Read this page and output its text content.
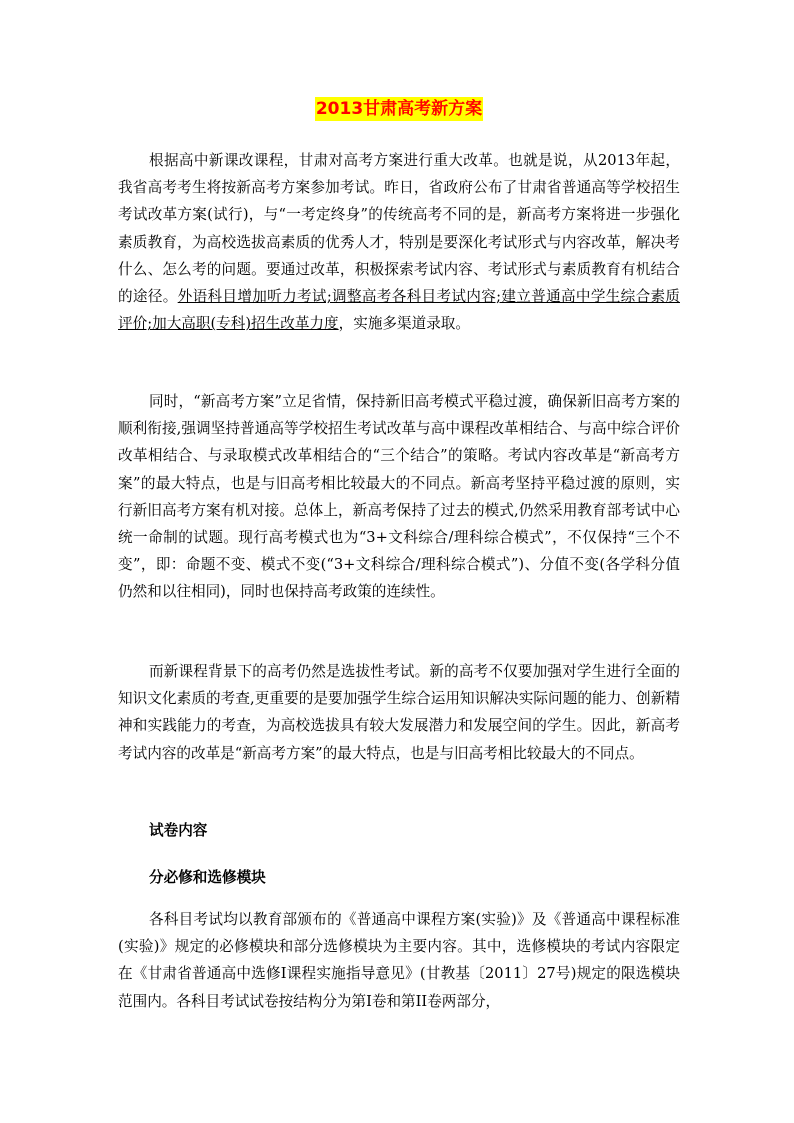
2013甘肃高考新方案

根据高中新课改课程，甘肃对高考方案进行重大改革。也就是说，从2013年起，我省高考考生将按新高考方案参加考试。昨日，省政府公布了甘肃省普通高等学校招生考试改革方案(试行)，与“一考定终身”的传统高考不同的是，新高考方案将进一步强化素质教育，为高校选拔高素质的优秀人才，特别是要深化考试形式与内容改革，解决考什么、怎么考的问题。要通过改革，积极探索考试内容、考试形式与素质教育有机结合的途径。外语科目增加听力考试;调整高考各科目考试内容;建立普通高中学生综合素质评价;加大高职(专科)招生改革力度，实施多渠道录取。

同时，“新高考方案”立足省情，保持新旧高考模式平稳过渡，确保新旧高考方案的顺利衔接,强调坚持普通高等学校招生考试改革与高中课程改革相结合、与高中综合评价改革相结合、与录取模式改革相结合的“三个结合”的策略。考试内容改革是“新高考方案”的最大特点，也是与旧高考相比较最大的不同点。新高考坚持平稳过渡的原则，实行新旧高考方案有机对接。总体上，新高考保持了过去的模式,仍然采用教育部考试中心统一命制的试题。现行高考模式也为“3+文科综合/理科综合模式”，不仅保持“三个不变”，即：命题不变、模式不变(“3+文科综合/理科综合模式”)、分值不变(各学科分值仍然和以往相同)，同时也保持高考政策的连续性。

而新课程背景下的高考仍然是选拔性考试。新的高考不仅要加强对学生进行全面的知识文化素质的考查,更重要的是要加强学生综合运用知识解决实际问题的能力、创新精神和实践能力的考查，为高校选拔具有较大发展潜力和发展空间的学生。因此，新高考考试内容的改革是“新高考方案”的最大特点，也是与旧高考相比较最大的不同点。

试卷内容

分必修和选修模块

各科目考试均以教育部颁布的《普通高中课程方案(实验)》及《普通高中课程标准(实验)》规定的必修模块和部分选修模块为主要内容。其中，选修模块的考试内容限定在《甘肃省普通高中选修Ⅰ课程实施指导意见》(甘教基〔2011〕27号)规定的限选模块范围内。各科目考试试卷按结构分为第Ⅰ卷和第II卷两部分，
